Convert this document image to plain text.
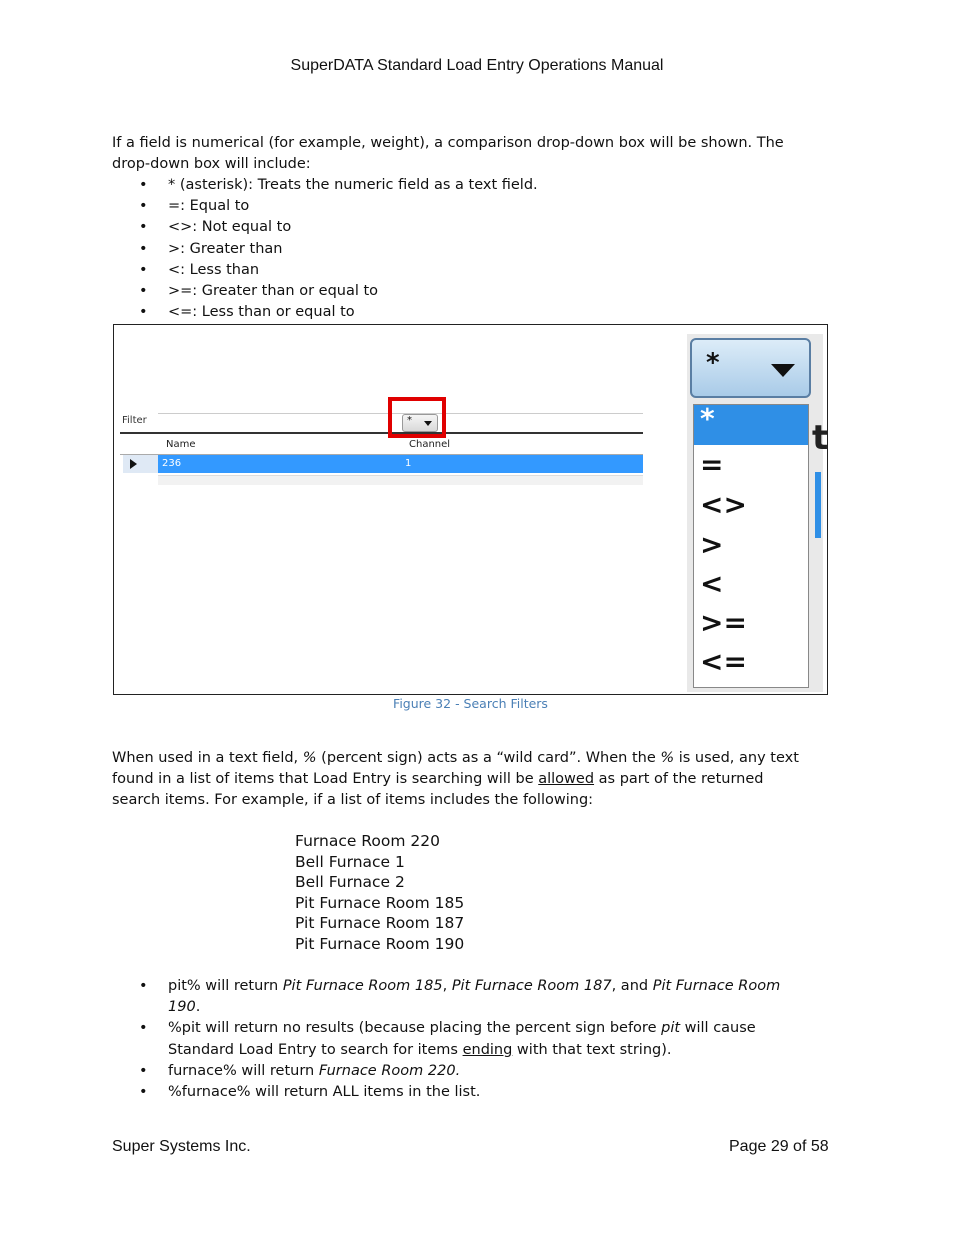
SuperDATA Standard Load Entry Operations Manual
If a field is numerical (for example, weight), a comparison drop-down box will be shown. The
drop-down box will include:
• * (asterisk): Treats the numeric field as a text field.
• =: Equal to
• <>: Not equal to
• >: Greater than
• <: Less than
• >=: Greater than or equal to
• <=: Less than or equal to
Filter
Name	Channel
236	1
*
*
*
=
<>
>
<
>=
<=
t
Figure 32 - Search Filters
When used in a text field, % (percent sign) acts as a “wild card”. When the % is used, any text
found in a list of items that Load Entry is searching will be allowed as part of the returned
search items. For example, if a list of items includes the following:
Furnace Room 220
Bell Furnace 1
Bell Furnace 2
Pit Furnace Room 185
Pit Furnace Room 187
Pit Furnace Room 190
• pit% will return Pit Furnace Room 185, Pit Furnace Room 187, and Pit Furnace Room
190.
• %pit will return no results (because placing the percent sign before pit will cause
Standard Load Entry to search for items ending with that text string).
• furnace% will return Furnace Room 220.
• %furnace% will return ALL items in the list.
Super Systems Inc.	Page 29 of 58
